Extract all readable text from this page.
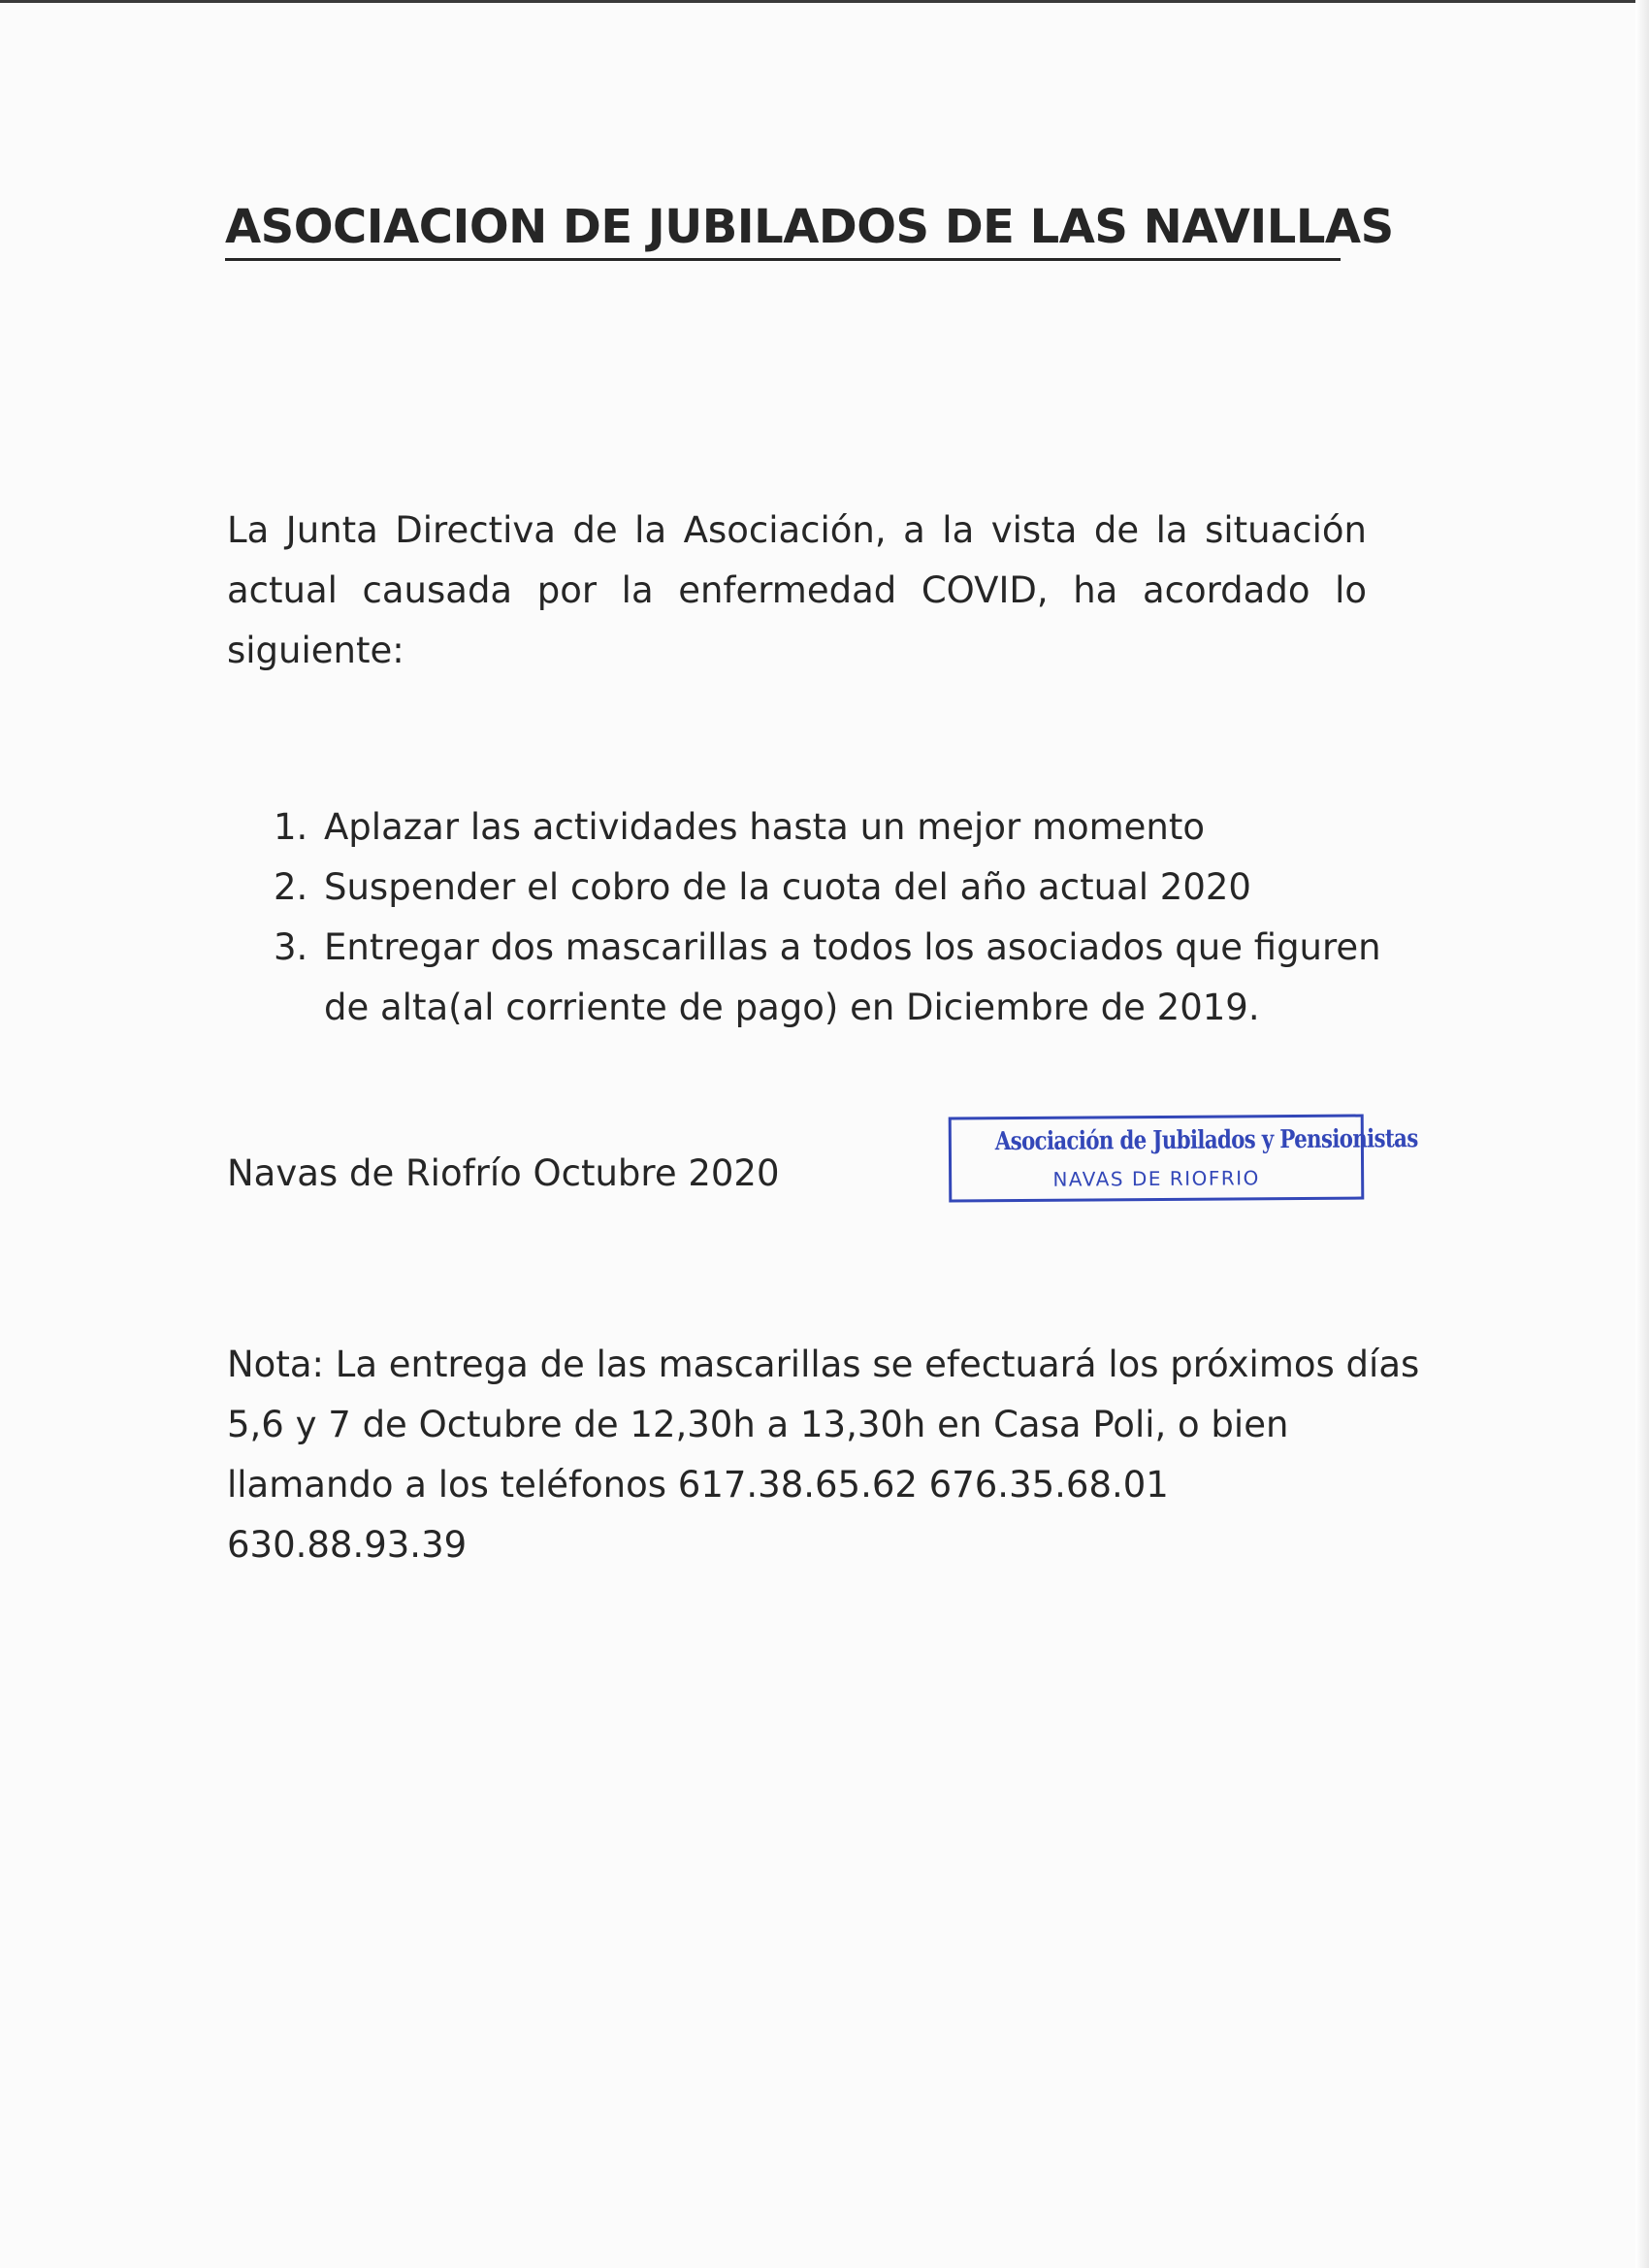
ASOCIACION DE JUBILADOS DE LAS NAVILLAS
La Junta Directiva de la Asociación, a la vista de la situación
actual causada por la enfermedad COVID, ha acordado lo
siguiente:
1. Aplazar las actividades hasta un mejor momento
2. Suspender el cobro de la cuota del año actual 2020
3. Entregar dos mascarillas a todos los asociados que figuren
de alta(al corriente de pago) en Diciembre de 2019.
Navas de Riofrío Octubre 2020
Asociación de Jubilados y Pensionistas
NAVAS DE RIOFRIO
Nota: La entrega de las mascarillas se efectuará los próximos días
5,6 y 7 de Octubre de 12,30h a 13,30h en Casa Poli, o bien
llamando a los teléfonos 617.38.65.62 676.35.68.01
630.88.93.39
